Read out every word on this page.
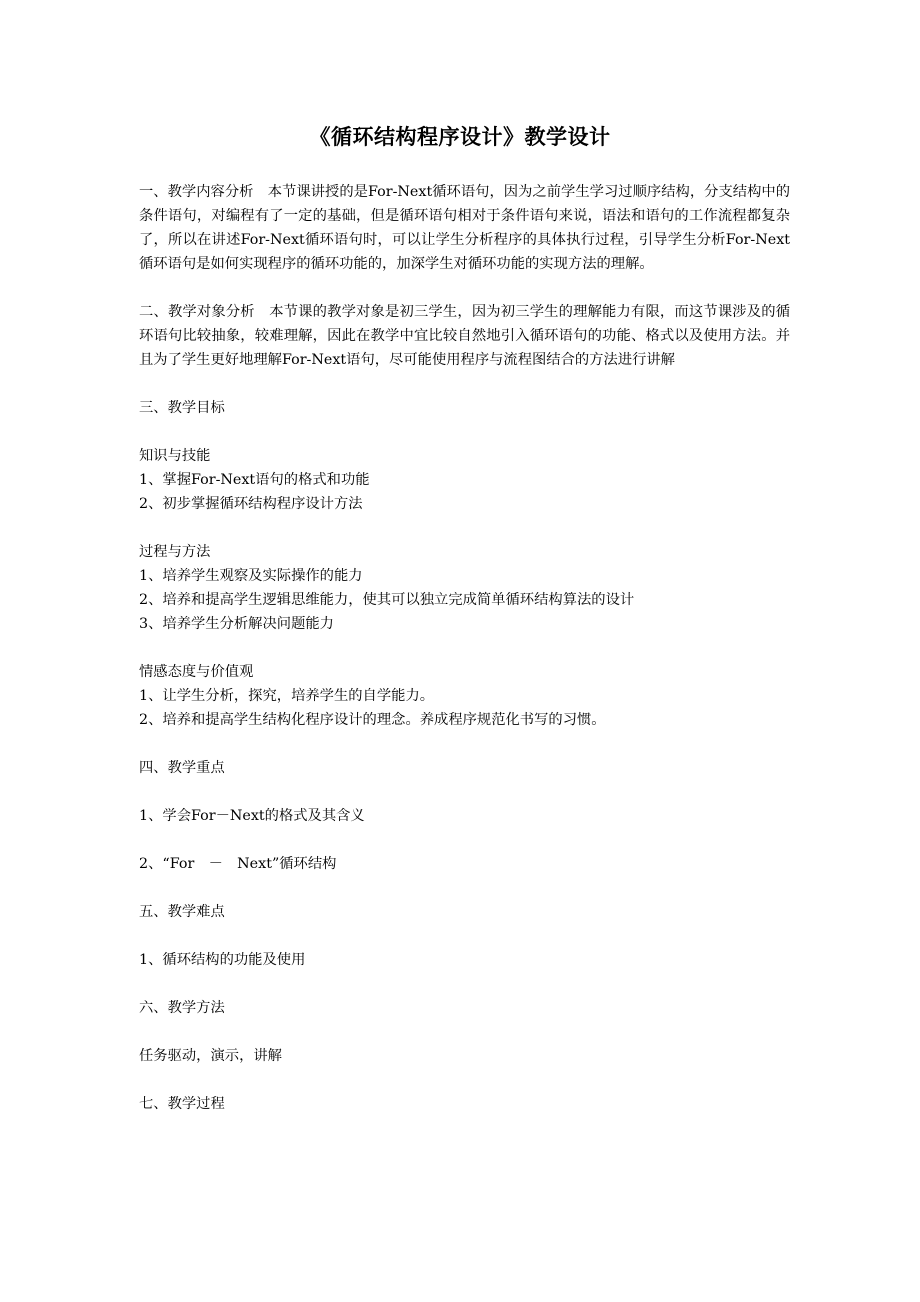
《循环结构程序设计》教学设计

一、教学内容分析　本节课讲授的是For-Next循环语句，因为之前学生学习过顺序结构，分支结构中的条件语句，对编程有了一定的基础，但是循环语句相对于条件语句来说，语法和语句的工作流程都复杂了，所以在讲述For-Next循环语句时，可以让学生分析程序的具体执行过程，引导学生分析For-Next循环语句是如何实现程序的循环功能的，加深学生对循环功能的实现方法的理解。

二、教学对象分析　本节课的教学对象是初三学生，因为初三学生的理解能力有限，而这节课涉及的循环语句比较抽象，较难理解，因此在教学中宜比较自然地引入循环语句的功能、格式以及使用方法。并且为了学生更好地理解For-Next语句，尽可能使用程序与流程图结合的方法进行讲解

三、教学目标

知识与技能

1、掌握For-Next语句的格式和功能

2、初步掌握循环结构程序设计方法

过程与方法

1、培养学生观察及实际操作的能力

2、培养和提高学生逻辑思维能力，使其可以独立完成简单循环结构算法的设计

3、培养学生分析解决问题能力

情感态度与价值观

1、让学生分析，探究，培养学生的自学能力。

2、培养和提高学生结构化程序设计的理念。养成程序规范化书写的习惯。

四、教学重点

1、学会For－Next的格式及其含义

2、“For　－　Next”循环结构

五、教学难点

1、循环结构的功能及使用

六、教学方法

任务驱动，演示，讲解

七、教学过程
